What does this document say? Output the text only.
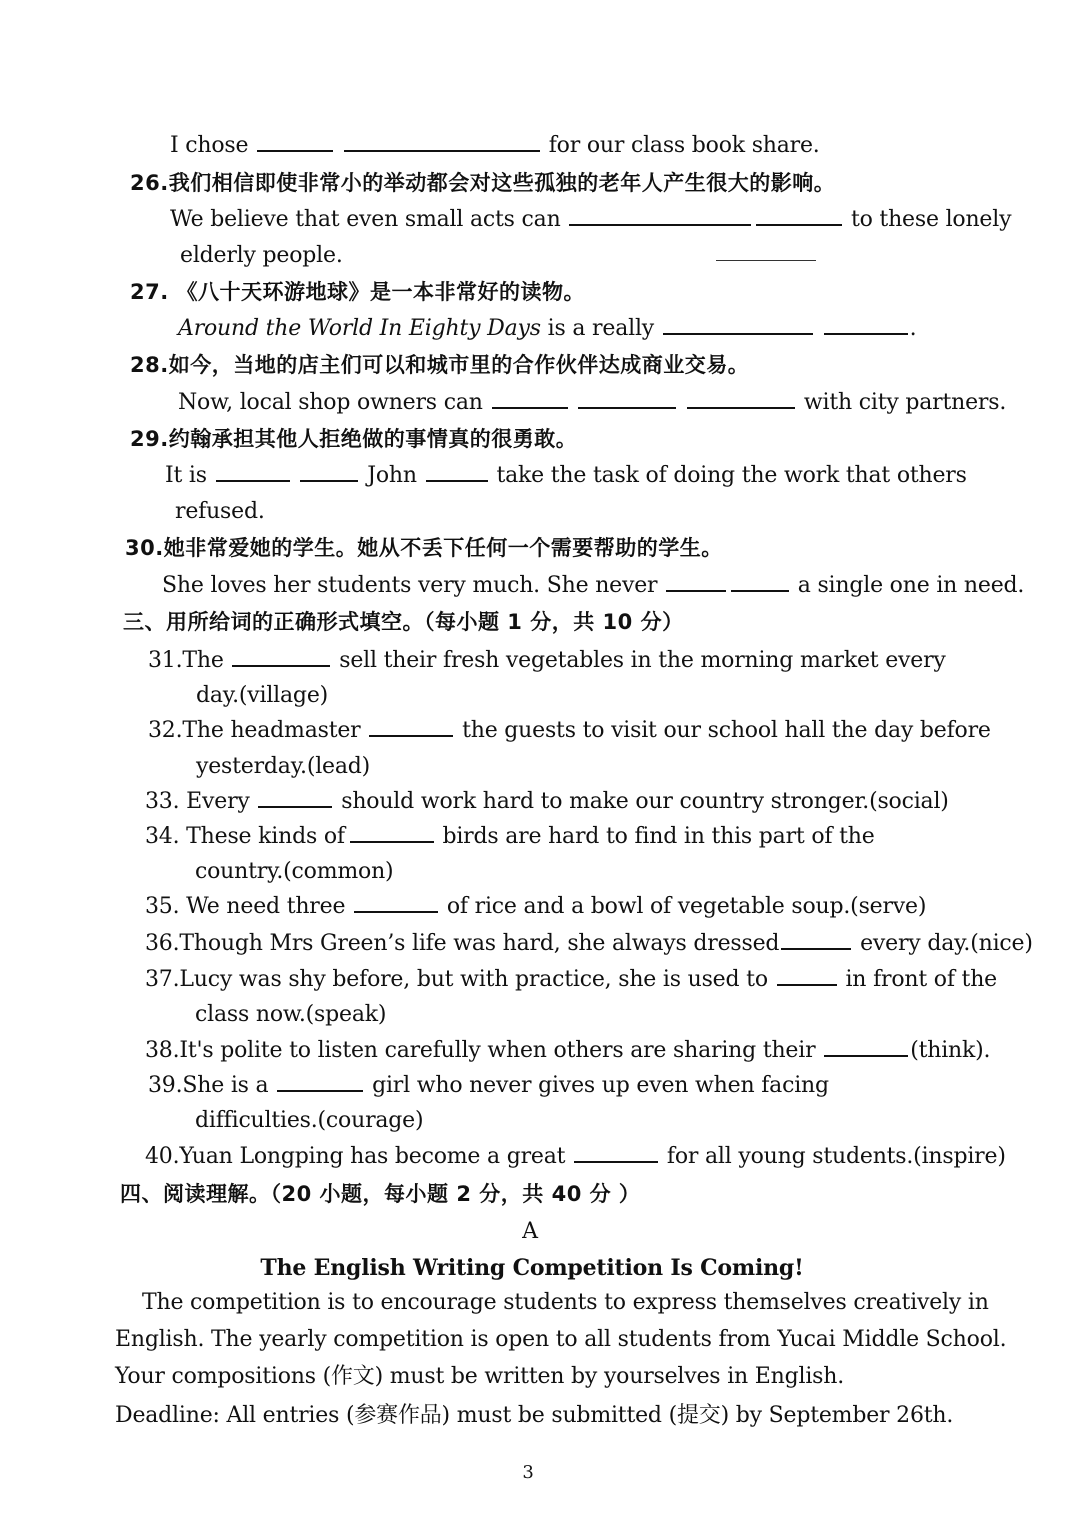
I chose	for our class book share.
26.我们相信即使非常小的举动都会对这些孤独的老年人产生很大的影响。
We believe that even small acts can	to these lonely
elderly people.
27. 《八十天环游地球》是一本非常好的读物。
Around the World In Eighty Days is a really	.
28.如今，当地的店主们可以和城市里的合作伙伴达成商业交易。
Now, local shop owners can	with city partners.
29.约翰承担其他人拒绝做的事情真的很勇敢。
It is	John	take the task of doing the work that others
refused.
30.她非常爱她的学生。她从不丢下任何一个需要帮助的学生。
She loves her students very much. She never	a single one in need.
三、用所给词的正确形式填空。（每小题 1 分，共 10 分）
31.The	sell their fresh vegetables in the morning market every
day.(village)
32.The headmaster	the guests to visit our school hall the day before
yesterday.(lead)
33. Every	should work hard to make our country stronger.(social)
34. These kinds of	birds are hard to find in this part of the
country.(common)
35. We need three	of rice and a bowl of vegetable soup.(serve)
36.Though Mrs Green’s life was hard, she always dressed	every day.(nice)
37.Lucy was shy before, but with practice, she is used to	in front of the
class now.(speak)
38.It's polite to listen carefully when others are sharing their	(think).
39.She is a	girl who never gives up even when facing
difficulties.(courage)
40.Yuan Longping has become a great	for all young students.(inspire)
四、阅读理解。（20 小题，每小题 2 分，共 40 分 ）
A
The English Writing Competition Is Coming!
The competition is to encourage students to express themselves creatively in
English. The yearly competition is open to all students from Yucai Middle School.
Your compositions (作文) must be written by yourselves in English.
Deadline: All entries (参赛作品) must be submitted (提交) by September 26th.
3
